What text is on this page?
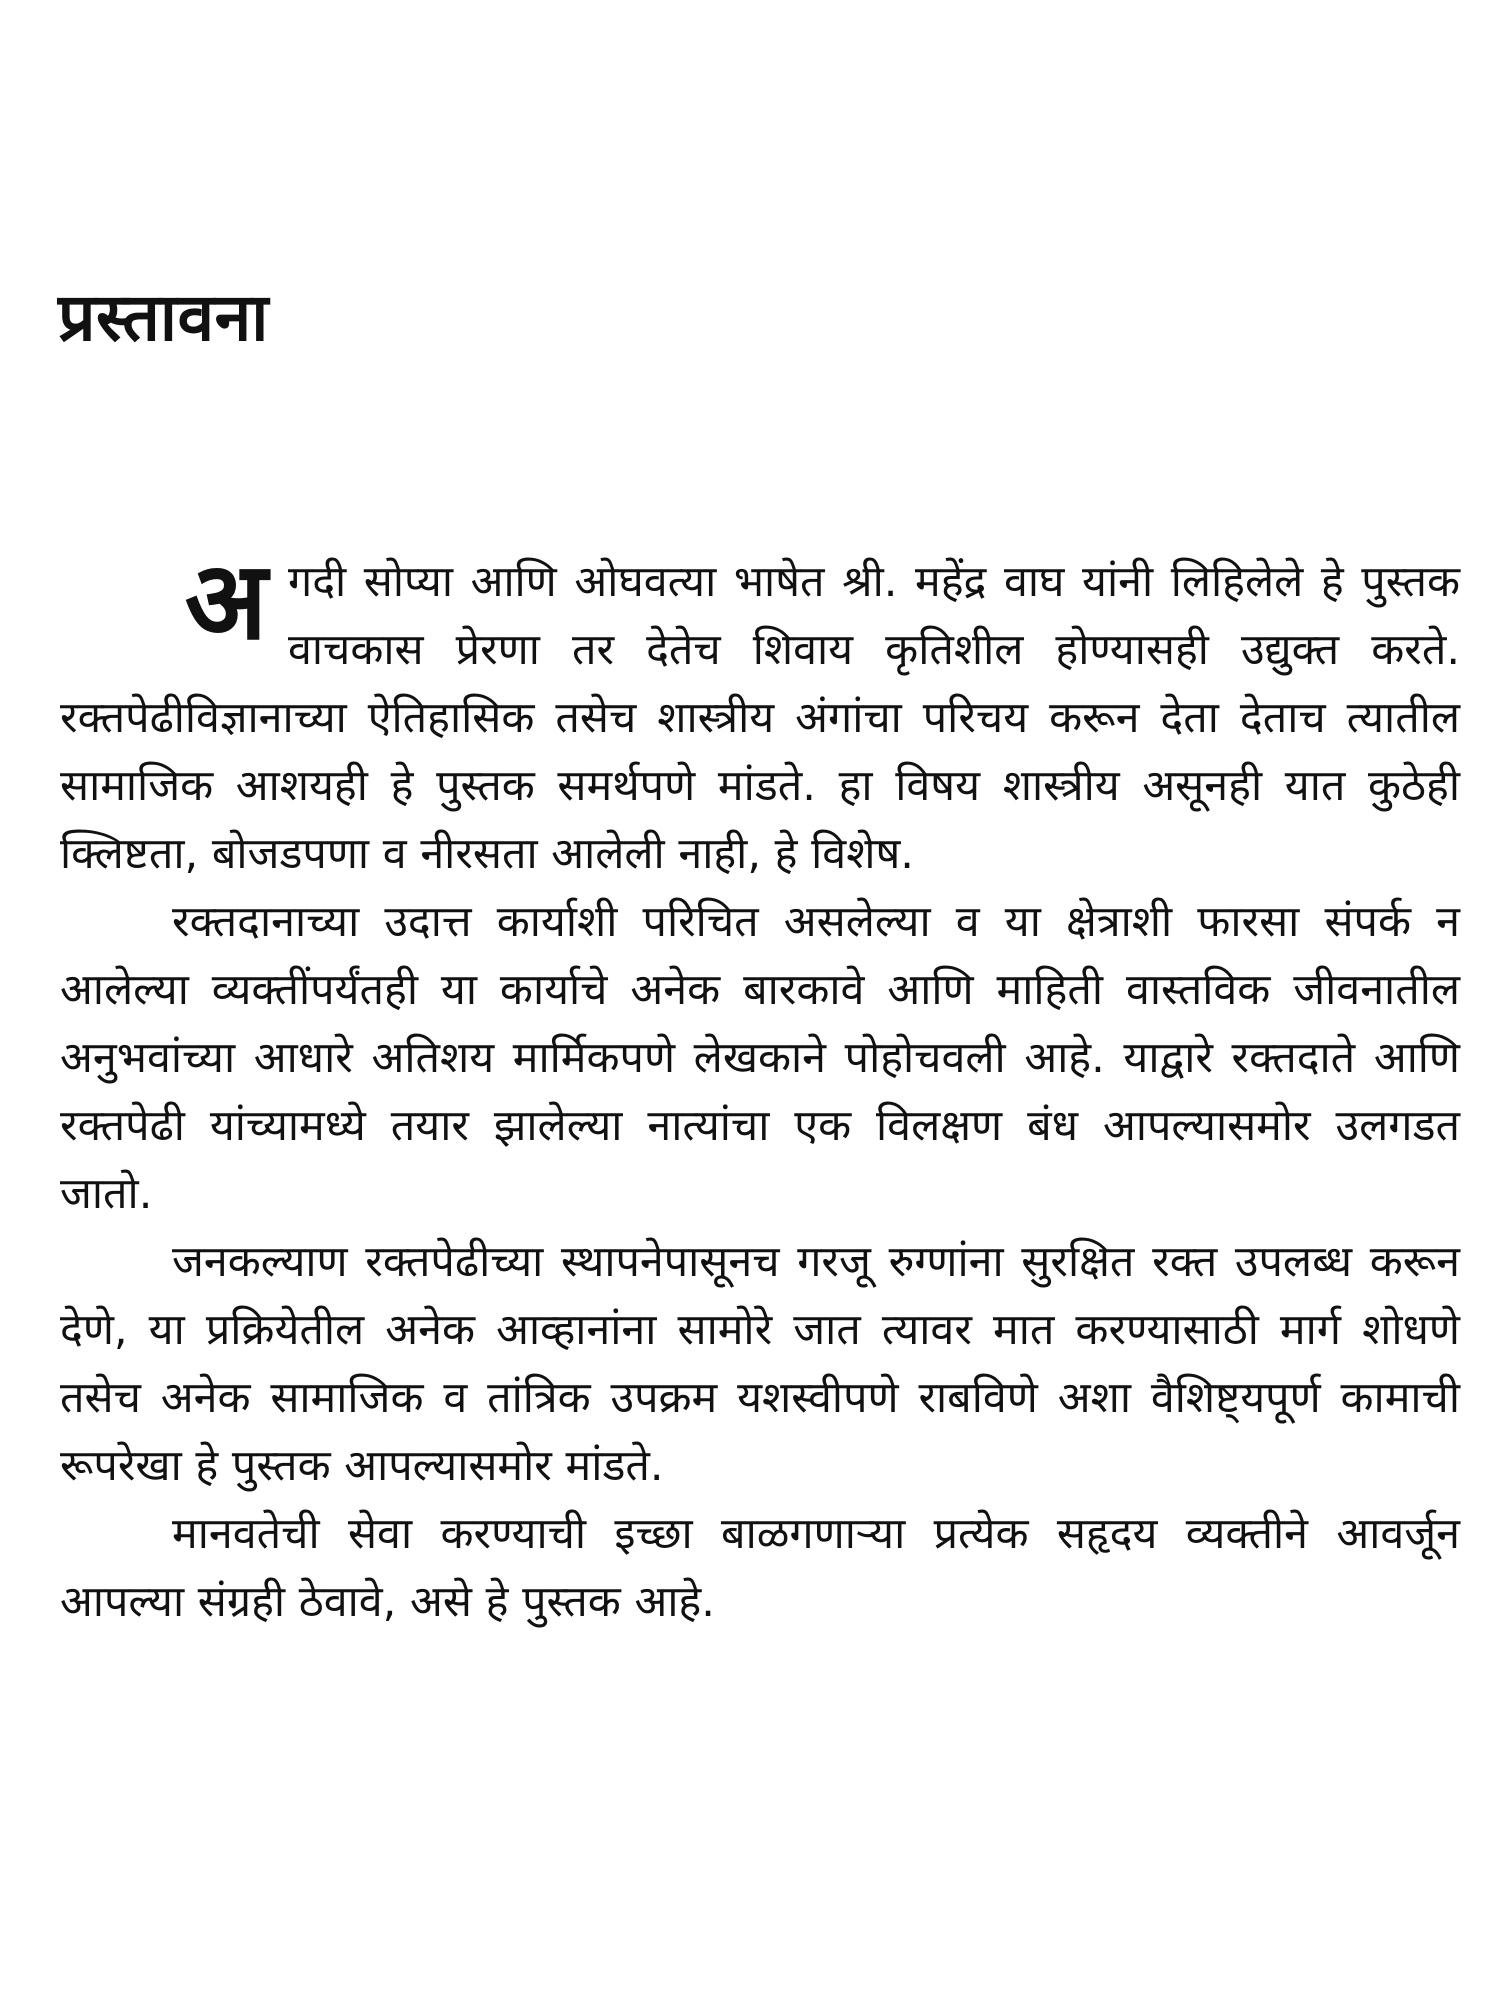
प्रस्तावना

अगदी सोप्या आणि ओघवत्या भाषेत श्री. महेंद्र वाघ यांनी लिहिलेले हे पुस्तक वाचकास प्रेरणा तर देतेच शिवाय कृतिशील होण्यासही उद्युक्त करते. रक्तपेढीविज्ञानाच्या ऐतिहासिक तसेच शास्त्रीय अंगांचा परिचय करून देता देताच त्यातील सामाजिक आशयही हे पुस्तक समर्थपणे मांडते. हा विषय शास्त्रीय असूनही यात कुठेही क्लिष्टता, बोजडपणा व नीरसता आलेली नाही, हे विशेष.

रक्तदानाच्या उदात्त कार्याशी परिचित असलेल्या व या क्षेत्राशी फारसा संपर्क न आलेल्या व्यक्तींपर्यंतही या कार्याचे अनेक बारकावे आणि माहिती वास्तविक जीवनातील अनुभवांच्या आधारे अतिशय मार्मिकपणे लेखकाने पोहोचवली आहे. याद्वारे रक्तदाते आणि रक्तपेढी यांच्यामध्ये तयार झालेल्या नात्यांचा एक विलक्षण बंध आपल्यासमोर उलगडत जातो.

जनकल्याण रक्तपेढीच्या स्थापनेपासूनच गरजू रुग्णांना सुरक्षित रक्त उपलब्ध करून देणे, या प्रक्रियेतील अनेक आव्हानांना सामोरे जात त्यावर मात करण्यासाठी मार्ग शोधणे तसेच अनेक सामाजिक व तांत्रिक उपक्रम यशस्वीपणे राबविणे अशा वैशिष्ट्यपूर्ण कामाची रूपरेखा हे पुस्तक आपल्यासमोर मांडते.

मानवतेची सेवा करण्याची इच्छा बाळगणाऱ्या प्रत्येक सहृदय व्यक्तीने आवर्जून आपल्या संग्रही ठेवावे, असे हे पुस्तक आहे.
